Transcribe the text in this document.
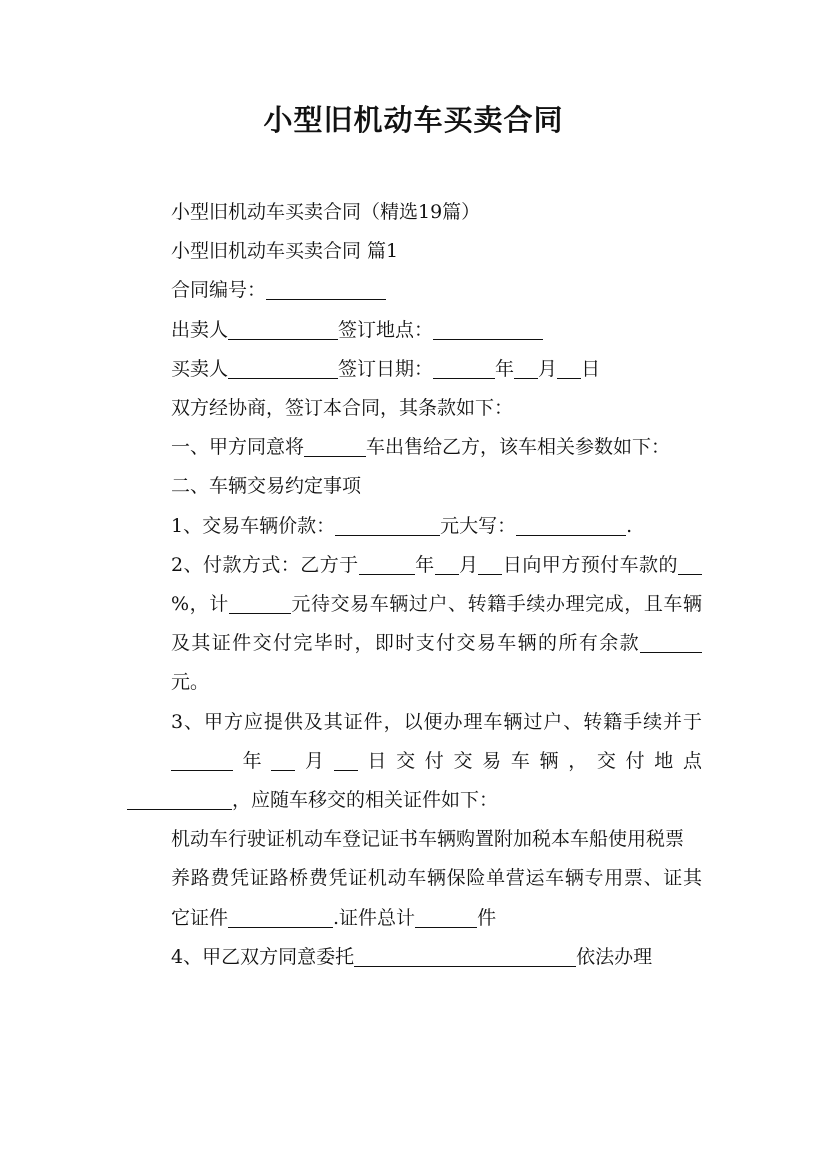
小型旧机动车买卖合同

小型旧机动车买卖合同（精选19篇）

小型旧机动车买卖合同 篇1

合同编号：

出卖人	签订地点：

买卖人	签订日期：	年 月 日

双方经协商，签订本合同，其条款如下：

一、甲方同意将	车出售给乙方，该车相关参数如下：

二、车辆交易约定事项

1、交易车辆价款：	元大写：	.

2、付款方式：乙方于	年 月 日向甲方预付车款的%，计	元待交易车辆过户、转籍手续办理完成，且车辆及其证件交付完毕时，即时支付交易车辆的所有余款元。

3、甲方应提供及其证件，以便办理车辆过户、转籍手续并于年 月 日交付交易车辆，交付地点

，应随车移交的相关证件如下：

机动车行驶证机动车登记证书车辆购置附加税本车船使用税票

养路费凭证路桥费凭证机动车辆保险单营运车辆专用票、证其它证件	.证件总计	件

4、甲乙双方同意委托	依法办理
